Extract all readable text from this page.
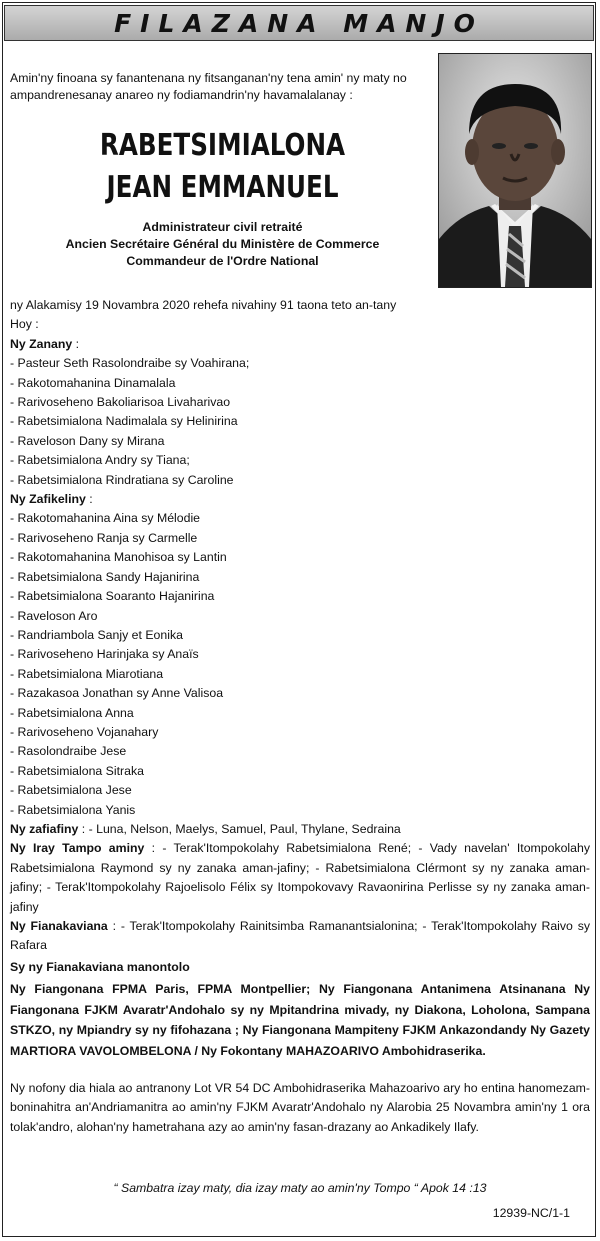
FILAZANA MANJO
Amin'ny finoana sy fanantenana ny fitsanganan'ny tena amin' ny maty no ampandrenesanay anareo ny fodiamandrin'ny havamalalanay :
RABETSIMIALONA
JEAN EMMANUEL
Administrateur civil retraité
Ancien Secrétaire Général du Ministère de Commerce
Commandeur de l'Ordre National
ny Alakamisy 19 Novambra 2020 rehefa nivahiny 91 taona teto an-tany
Hoy :
Ny Zanany :
- Pasteur Seth Rasolondraibe sy Voahirana;
- Rakotomahanina Dinamalala
- Rarivoseheno Bakoliarisoa Livaharivao
- Rabetsimialona Nadimalala sy Helinirina
- Raveloson Dany sy Mirana
- Rabetsimialona Andry sy Tiana;
- Rabetsimialona Rindratiana sy Caroline
Ny Zafikeliny :
- Rakotomahanina Aina sy Mélodie
- Rarivoseheno Ranja sy Carmelle
- Rakotomahanina Manohisoa sy Lantin
- Rabetsimialona Sandy Hajanirina
- Rabetsimialona Soaranto Hajanirina
- Raveloson Aro
- Randriambola Sanjy et Eonika
- Rarivoseheno Harinjaka sy Anaïs
- Rabetsimialona Miarotiana
- Razakasoa Jonathan sy Anne Valisoa
- Rabetsimialona Anna
- Rarivoseheno Vojanahary
- Rasolondraibe Jese
- Rabetsimialona Sitraka
- Rabetsimialona Jese
- Rabetsimialona Yanis
Ny zafiafiny : - Luna, Nelson, Maelys, Samuel, Paul, Thylane, Sedraina
Ny Iray Tampo aminy : - Terak'Itompokolahy Rabetsimialona René; - Vady navelan' Itompokolahy Rabetsimialona Raymond sy ny zanaka aman-jafiny; - Rabetsimialona Clérmont sy ny zanaka aman-jafiny; - Terak'Itompokolahy Rajoelisolo Félix sy Itompokovavy Ravaonirina Perlisse sy ny zanaka aman-jafiny
Ny Fianakaviana : - Terak'Itompokolahy Rainitsimba Ramanantsialonina; - Terak'Itompokolahy Raivo sy Rafara
Sy ny Fianakaviana manontolo
Ny Fiangonana FPMA Paris, FPMA Montpellier; Ny Fiangonana Antanimena Atsinanana Ny Fiangonana FJKM Avaratr'Andohalo sy ny Mpitandrina mivady, ny Diakona, Loholona, Sampana STKZO, ny Mpiandry sy ny fifohazana ; Ny Fiangonana Mampiteny FJKM Ankazondandy Ny Gazety MARTIORA VAVOLOMBELONA / Ny Fokontany MAHAZOARIVO Ambohidraserika.
Ny nofony dia hiala ao antranony Lot VR 54 DC Ambohidraserika Mahazoarivo ary ho entina hanomezam-boninahitra an'Andriamanitra ao amin'ny FJKM Avaratr'Andohalo ny Alarobia 25 Novambra amin'ny 1 ora tolak'andro, alohan'ny hametrahana azy ao amin'ny fasan-drazany ao Ankadikely Ilafy.
“ Sambatra izay maty, dia izay maty ao amin'ny Tompo “ Apok 14 :13
12939-NC/1-1
